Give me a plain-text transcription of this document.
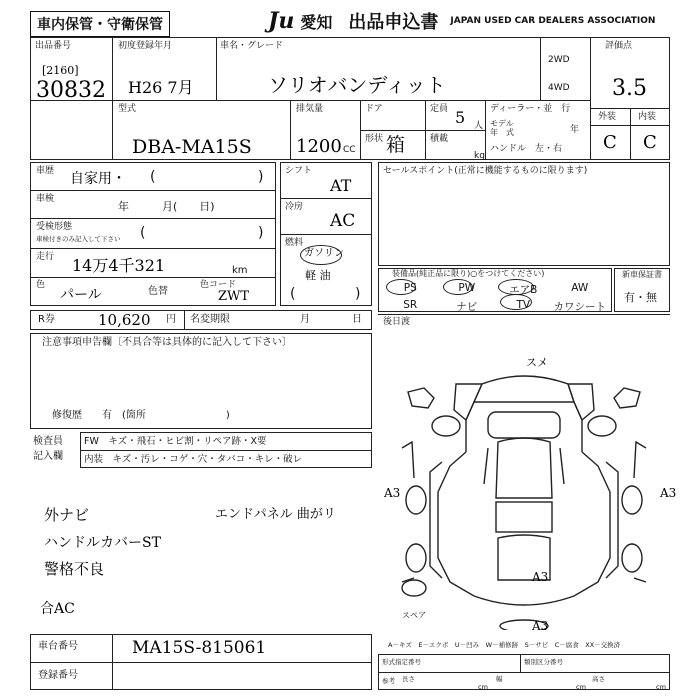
車内保管・守衛保管	Ju 愛知 出品申込書 JAPAN USED CAR DEALERS ASSOCIATION
出品番号
[2160]
30832
初度登録年月
H26 7月
車名・グレード
ソリオバンディット
2WD
4WD
評価点
3.5
外装 内装
C C
型式
DBA-MA15S
排気量
1200 CC
ドア
形状 箱
定員 5 人
積載
kg
ディーラー・並　行
モデル
年　式	年
ハンドル　左・右
車歴 自家用・ (	)
車検
年　　　月(　　日)
受検形態
車検付きのみ記入して下さい (	)
走行 14万4千321	km
色
パール	色替
色コード
ZWT
シフト
AT
冷房
AC
燃料
ガソリン
軽 油
(	)
セールスポイント(正常に機能するものに限ります)
装備品(純正品に限り)○をつけてください)
PS	PW	エアB	AW
SR	ナビ	TV	カワシート
新車保証書
有・無
R券	10,620 円 名変期限	月	日 後日渡
注意事項申告欄〔不具合等は具体的に記入して下さい〕
修復歴　　有　(箇所　　　　　　　　)
検査員
記入欄
FW　キズ・飛石・ヒビ割・リペア跡・X要
内装　キズ・汚レ・コゲ・穴・タバコ・キレ・破レ
外ナビ	エンドパネル 曲がリ
ハンドルカバーST
警格不良
合AC
スメ
A3	A3
A3
A3
スペア
A－キズ　E－エクボ　U－凹み　W－補修跡　S－サビ　C－腐食　XX－交換済
車台番号	MA15S-815061
登録番号
形式指定番号	類別区分番号
参考 長さ
cm
幅
cm
高さ
cm
